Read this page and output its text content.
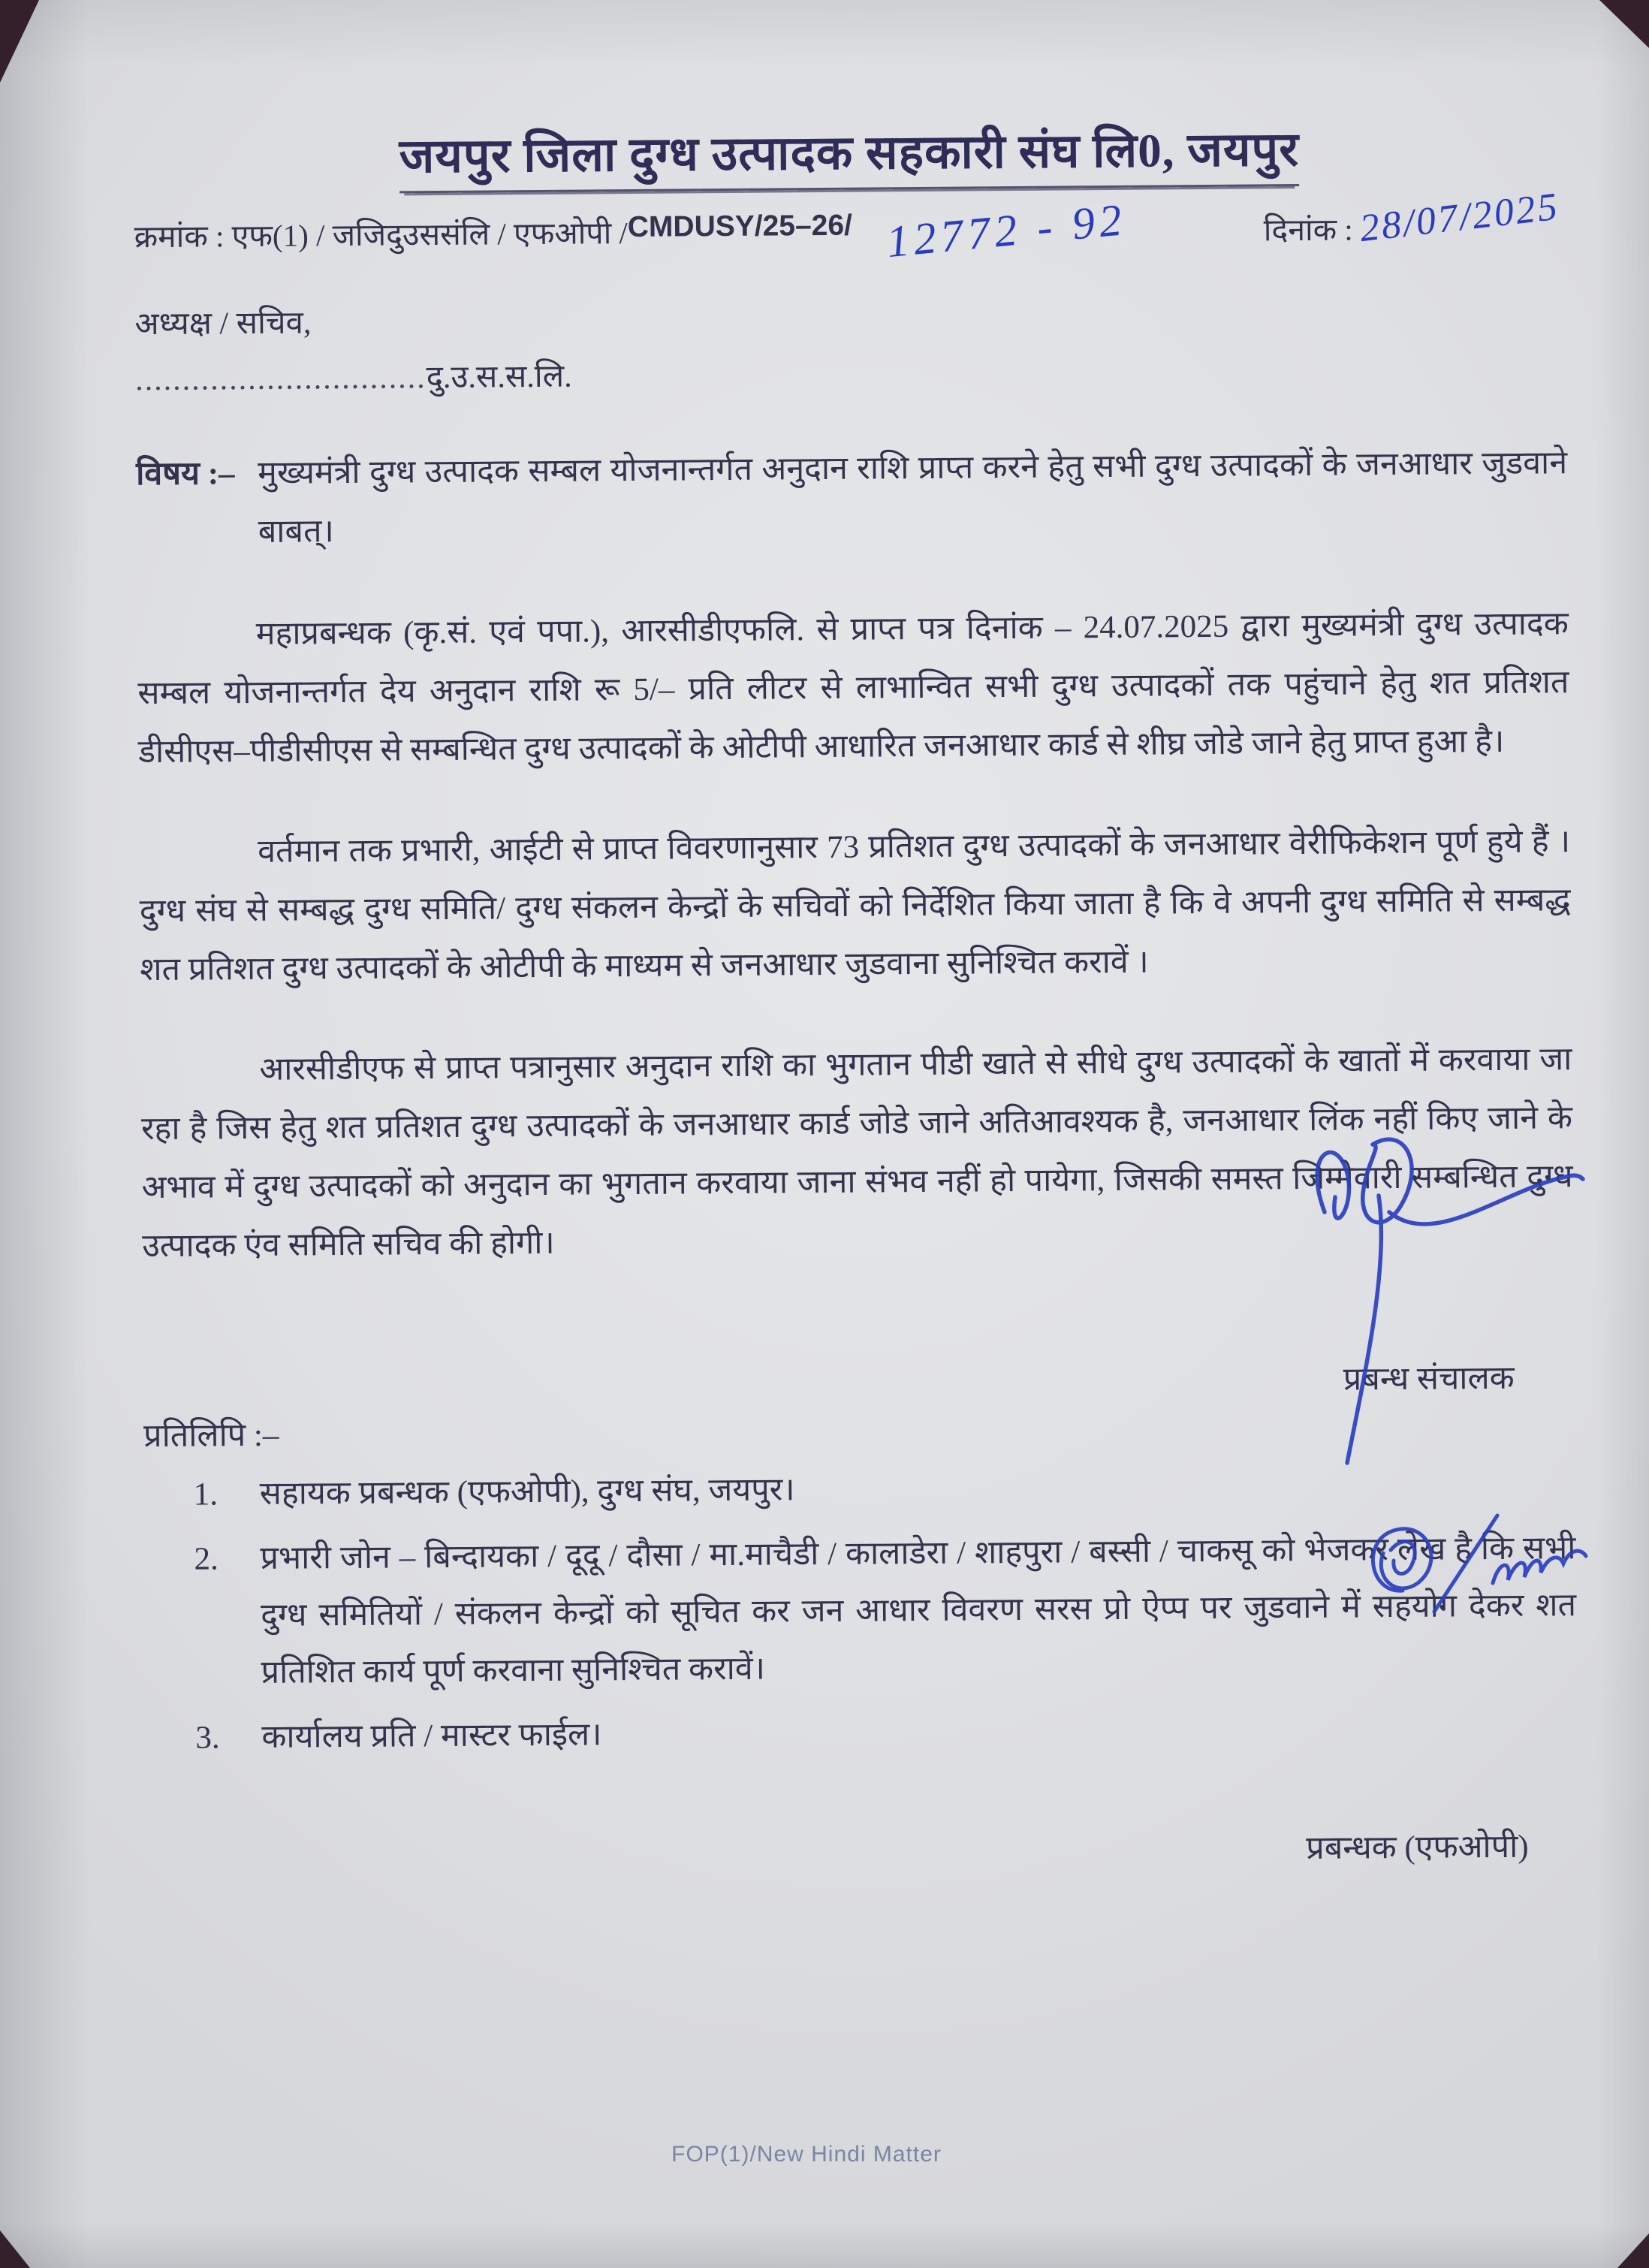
जयपुर जिला दुग्ध उत्पादक सहकारी संघ लि0, जयपुर
क्रमांक : एफ(1) / जजिदुउससंलि / एफओपी / CMDUSY/25–26/ 12772 - 92	दिनांक : 28/07/2025
अध्यक्ष / सचिव,
...............................दु.उ.स.स.लि.
विषय :– मुख्यमंत्री दुग्ध उत्पादक सम्बल योजनान्तर्गत अनुदान राशि प्राप्त करने हेतु सभी दुग्ध उत्पादकों के जनआधार जुडवाने बाबत्।
महाप्रबन्धक (कृ.सं. एवं पपा.), आरसीडीएफलि. से प्राप्त पत्र दिनांक – 24.07.2025 द्वारा मुख्यमंत्री दुग्ध उत्पादक सम्बल योजनान्तर्गत देय अनुदान राशि रू 5/– प्रति लीटर से लाभान्वित सभी दुग्ध उत्पादकों तक पहुंचाने हेतु शत प्रतिशत डीसीएस–पीडीसीएस से सम्बन्धित दुग्ध उत्पादकों के ओटीपी आधारित जनआधार कार्ड से शीघ्र जोडे जाने हेतु प्राप्त हुआ है।
वर्तमान तक प्रभारी, आईटी से प्राप्त विवरणानुसार 73 प्रतिशत दुग्ध उत्पादकों के जनआधार वेरीफिकेशन पूर्ण हुये हैं । दुग्ध संघ से सम्बद्ध दुग्ध समिति/ दुग्ध संकलन केन्द्रों के सचिवों को निर्देशित किया जाता है कि वे अपनी दुग्ध समिति से सम्बद्ध शत प्रतिशत दुग्ध उत्पादकों के ओटीपी के माध्यम से जनआधार जुडवाना सुनिश्चित करावें ।
आरसीडीएफ से प्राप्त पत्रानुसार अनुदान राशि का भुगतान पीडी खाते से सीधे दुग्ध उत्पादकों के खातों में करवाया जा रहा है जिस हेतु शत प्रतिशत दुग्ध उत्पादकों के जनआधार कार्ड जोडे जाने अतिआवश्यक है, जनआधार लिंक नहीं किए जाने के अभाव में दुग्ध उत्पादकों को अनुदान का भुगतान करवाया जाना संभव नहीं हो पायेगा, जिसकी समस्त जिम्मेवारी सम्बन्धित दुग्ध उत्पादक एंव समिति सचिव की होगी।
प्रबन्ध संचालक
प्रतिलिपि :–
1.	सहायक प्रबन्धक (एफओपी), दुग्ध संघ, जयपुर।
2.	प्रभारी जोन – बिन्दायका / दूदू / दौसा / मा.माचैडी / कालाडेरा / शाहपुरा / बस्सी / चाकसू को भेजकर लेख है कि सभी दुग्ध समितियों / संकलन केन्द्रों को सूचित कर जन आधार विवरण सरस प्रो ऐप्प पर जुडवाने में सहयोग देकर शत प्रतिशित कार्य पूर्ण करवाना सुनिश्चित करावें।
3.	कार्यालय प्रति / मास्टर फाईल।
प्रबन्धक (एफओपी)
FOP(1)/New Hindi Matter
